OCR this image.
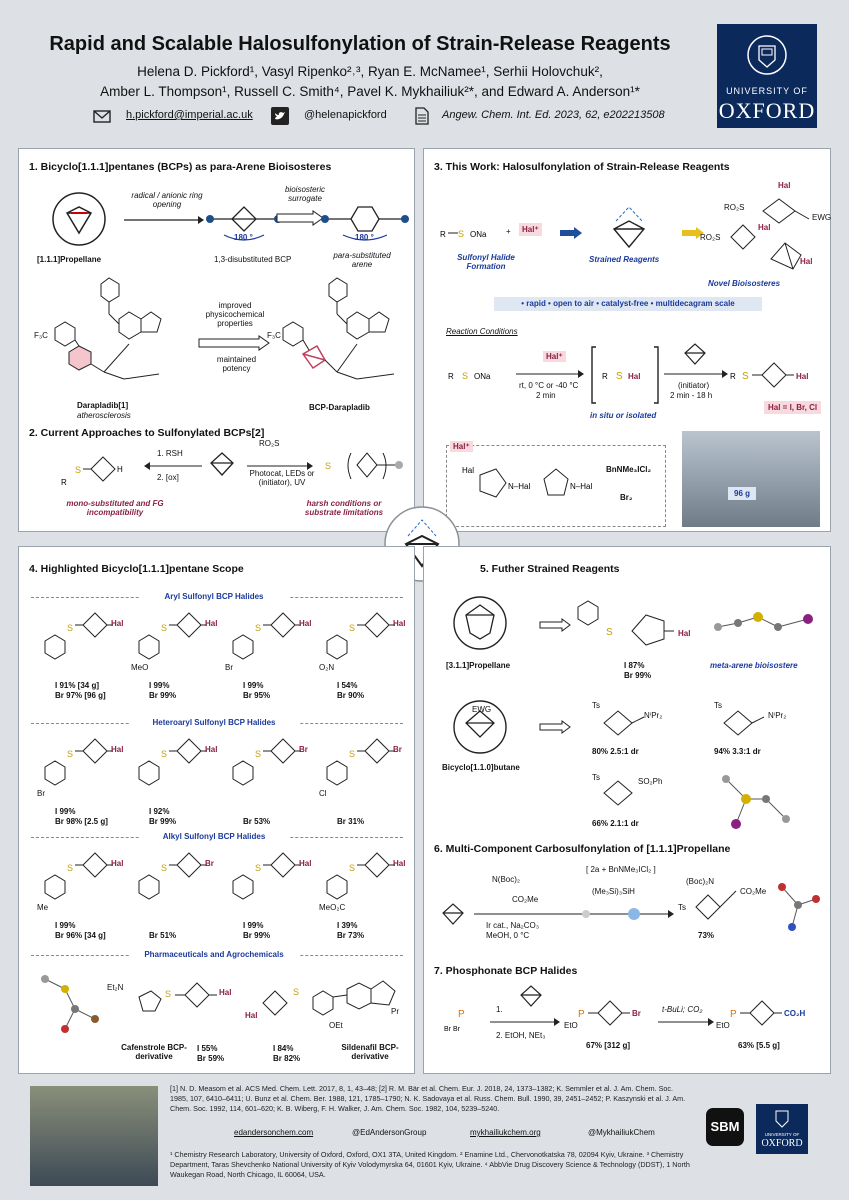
Rapid and Scalable Halosulfonylation of Strain-Release Reagents
Helena D. Pickford¹, Vasyl Ripenko²˒³, Ryan E. McNamee¹, Serhii Holovchuk²,
Amber L. Thompson¹, Russell C. Smith⁴, Pavel K. Mykhailiuk²*, and Edward A. Anderson¹*
h.pickford@imperial.ac.uk	@helenapickford	Angew. Chem. Int. Ed. 2023, 62, e202213508
UNIVERSITY OF
OXFORD
1. Bicyclo[1.1.1]pentanes (BCPs) as para-Arene Bioisosteres
[1.1.1]Propellane
radical / anionic ring opening
180 °
1,3-disubstituted BCP
bioisosteric surrogate
180 °
para-substituted arene
F₃C
Darapladib[1]
atherosclerosis
improved physicochemical properties
maintained potency
F₃C
BCP-Darapladib
2. Current Approaches to Sulfonylated BCPs[2]
S	H
R
1. RSH
2. [ox]
RO₂S
Photocat, LEDs or (initiator), UV
S
mono-substituted and FG incompatibility
harsh conditions or substrate limitations
3. This Work: Halosulfonylation of Strain-Release Reagents
R S ONa +	Hal⁺
Sulfonyl Halide Formation
Strained Reagents
RO₂S
Hal
EWG
RO₂S
Hal
Hal
Novel Bioisosteres
• rapid • open to air • catalyst-free • multidecagram scale
Reaction Conditions
R S ONa
Hal⁺
rt, 0 °C or -40 °C
2 min
R S Hal
in situ or isolated
(initiator)
2 min - 18 h
R S	Hal
Hal = I, Br, Cl
Hal⁺
Hal
N–Hal	N–Hal
BnNMe₃ICl₂
Br₂	96 g
4. Highlighted Bicyclo[1.1.1]pentane Scope
Aryl Sulfonyl BCP Halides
Heteroaryl Sulfonyl BCP Halides
Alkyl Sulfonyl BCP Halides
Pharmaceuticals and Agrochemicals
S
Et₂N
Hal
Cafenstrole BCP-derivative
I 55%
Br 59%
S
Hal
OEt
Pr
I 84%
Br 82%
Sildenafil BCP-derivative
S	Hal
I 91% [34 g]
Br 97% [96 g]
S	Hal
MeO
I 99%
Br 99%
S	Hal
Br
I 99%
Br 95%
S	Hal
O₂N
I 54%
Br 90%
S	Hal
Br
I 99%
Br 98% [2.5 g]
S	Hal
I 92%
Br 99%
S	Br
Br 53%
S	Br
Cl
Br 31%
S	Hal
Me
I 99%
Br 96% [34 g]
S	Br
Br 51%
S	Hal
I 99%
Br 99%
S	Hal
MeO₂C
I 39%
Br 73%
5. Futher Strained Reagents
[3.1.1]Propellane
S	Hal
I 87%
Br 99%
meta-arene bioisostere
EWG
Bicyclo[1.1.0]butane
Ts
NⁱPr₂
80% 2.5:1 dr
Ts
NⁱPr₂
94% 3.3:1 dr
Ts	SO₂Ph
66% 2.1:1 dr
6. Multi-Component Carbosulfonylation of [1.1.1]Propellane
N(Boc)₂
CO₂Me
Ir cat., Na₂CO₃
MeOH, 0 °C
[ 2a + BnNMe₃ICl₂ ]
(Me₃Si)₃SiH
Ts
(Boc)₂N
CO₂Me
73%
7. Phosphonate BCP Halides
P
Br Br
1.
2. EtOH, NEt₃
P
EtO
Br
67% [312 g]
t-BuLi; CO₂	P
EtO
CO₂H
63% [5.5 g]
[1] N. D. Measom et al. ACS Med. Chem. Lett. 2017, 8, 1, 43–48; [2] R. M. Bär et al. Chem. Eur. J. 2018, 24, 1373–1382; K. Semmler et al. J. Am. Chem. Soc. 1985, 107, 6410–6411; U. Bunz et al. Chem. Ber. 1988, 121, 1785–1790; N. K. Sadovaya et al. Russ. Chem. Bull. 1990, 39, 2451–2452; P. Kaszynski et al. J. Am. Chem. Soc. 1992, 114, 601–620; K. B. Wiberg, F. H. Walker, J. Am. Chem. Soc. 1982, 104, 5239–5240.
edandersonchem.com	@EdAndersonGroup	mykhailiukchem.org	@MykhailiukChem
¹ Chemistry Research Laboratory, University of Oxford, Oxford, OX1 3TA, United Kingdom. ² Enamine Ltd., Chervonotkatska 78, 02094 Kyiv, Ukraine. ³ Chemistry Department, Taras Shevchenko National University of Kyiv Volodymyrska 64, 01601 Kyiv, Ukraine. ⁴ AbbVie Drug Discovery Science & Technology (DDST), 1 North Waukegan Road, North Chicago, IL 60064, USA.
SBM
UNIVERSITY OF
OXFORD
